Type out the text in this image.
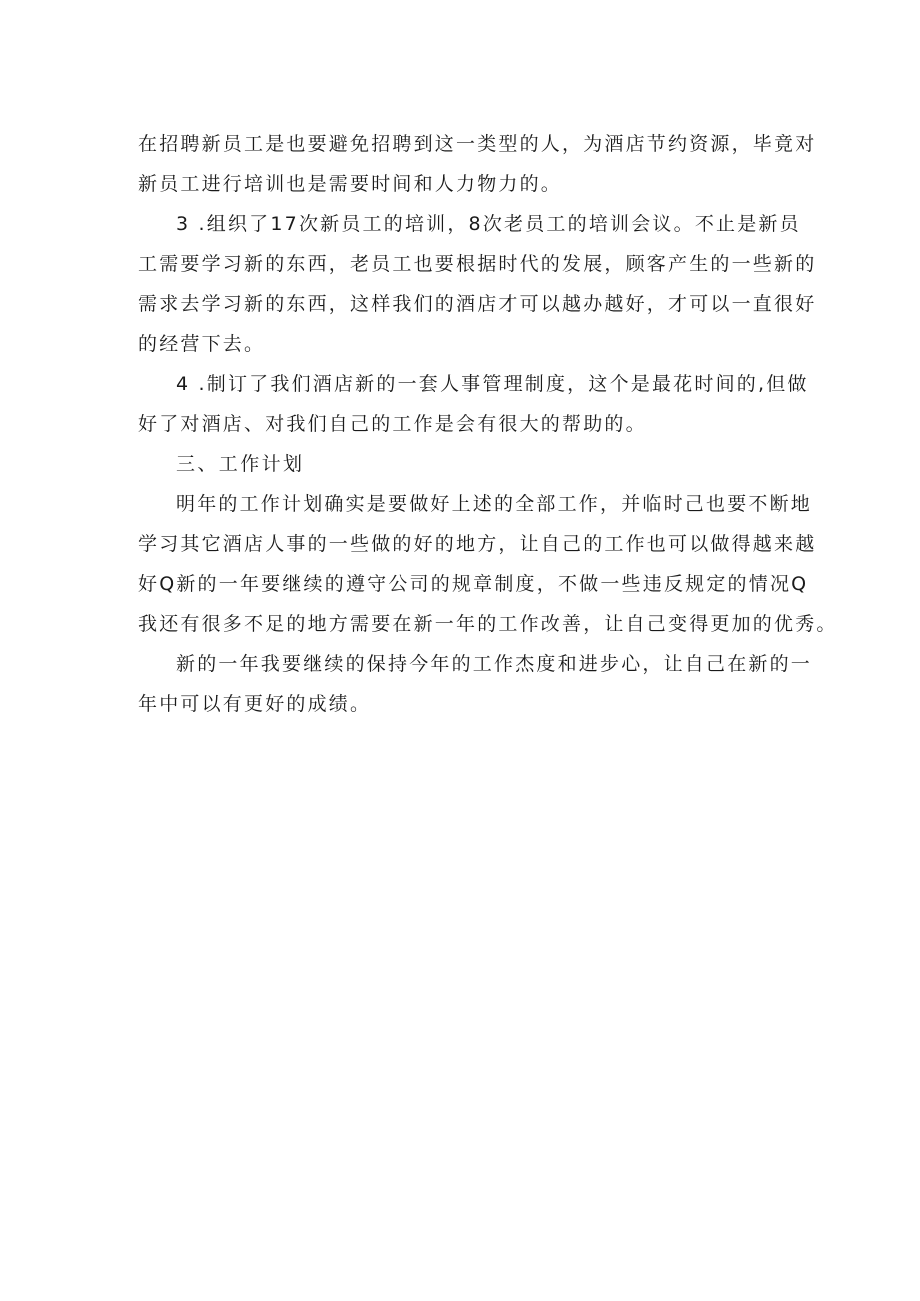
在招聘新员工是也要避免招聘到这一类型的人，为酒店节约资源，毕竟对
新员工进行培训也是需要时间和人力物力的。

3 .组织了17次新员工的培训，8次老员工的培训会议。不止是新员
工需要学习新的东西，老员工也要根据时代的发展，顾客产生的一些新的
需求去学习新的东西，这样我们的酒店才可以越办越好，才可以一直很好
的经营下去。

4 .制订了我们酒店新的一套人事管理制度，这个是最花时间的,但做
好了对酒店、对我们自己的工作是会有很大的帮助的。

三、工作计划

明年的工作计划确实是要做好上述的全部工作，并临时己也要不断地
学习其它酒店人事的一些做的好的地方，让自己的工作也可以做得越来越
好Q新的一年要继续的遵守公司的规章制度，不做一些违反规定的情况Q
我还有很多不足的地方需要在新一年的工作改善，让自己变得更加的优秀。

新的一年我要继续的保持今年的工作杰度和进步心，让自己在新的一
年中可以有更好的成绩。
